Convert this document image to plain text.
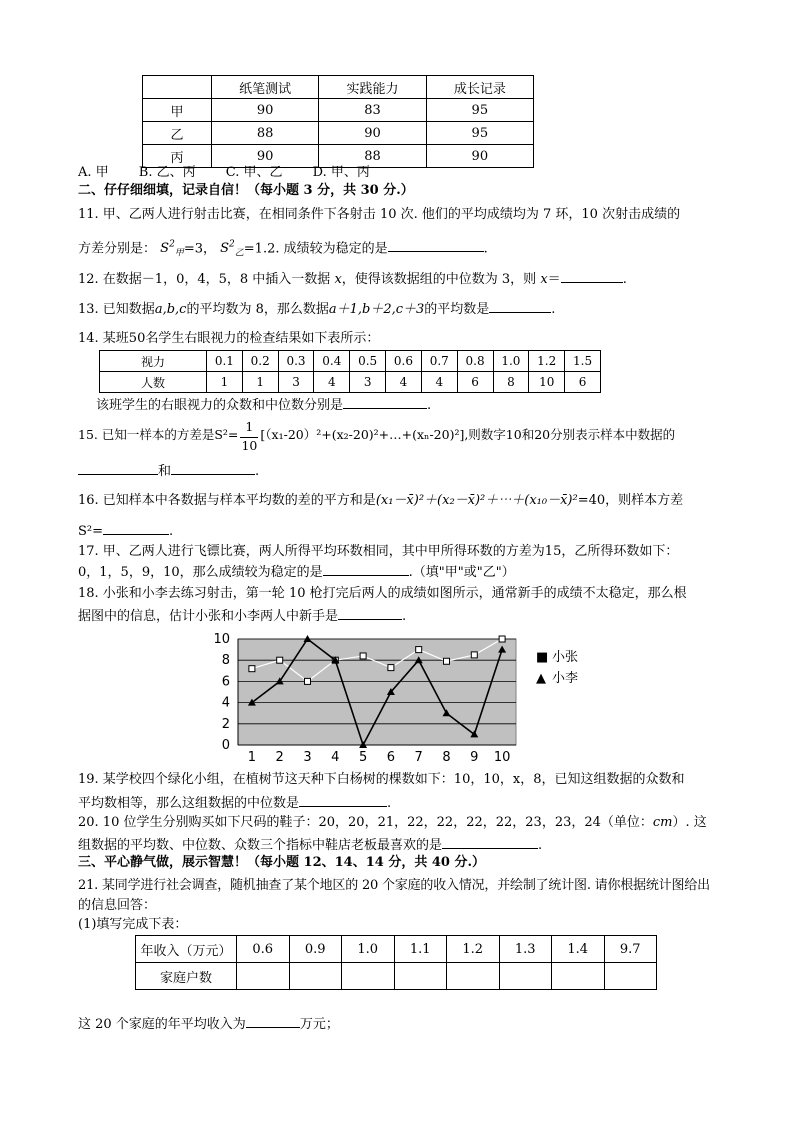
	纸笔测试	实践能力	成长记录
甲	90	83	95
乙	88	90	95
丙	90	88	90
A. 甲 B. 乙、丙 C. 甲、乙 D. 甲、丙
二、仔仔细细填，记录自信！（每小题 3 分，共 30 分.）
11. 甲、乙两人进行射击比赛，在相同条件下各射击 10 次. 他们的平均成绩均为 7 环，10 次射击成绩的
方差分别是： $S^2_甲=3$， $S^2_乙=1.2$. 成绩较为稳定的是	.
12. 在数据－1，0，4，5，8 中插入一数据 x，使得该数据组的中位数为 3，则 x＝	.
13. 已知数据a,b,c的平均数为 8，那么数据a＋1,b＋2,c＋3的平均数是	.
14. 某班50名学生右眼视力的检查结果如下表所示：
视力	0.1	0.2	0.3	0.4	0.5	0.6	0.7	0.8	1.0	1.2	1.5
人数	1	1	3	4	3	4	4	6	8	10	6
该班学生的右眼视力的众数和中位数分别是	.
15. 已知一样本的方差是$S^2= \frac{1}{10}$ [（x₁-20）²+(x₂-20)²+…+(xₙ-20)²],则数字10和20分别表示样本中数据的
和	.
16. 已知样本中各数据与样本平均数的差的平方和是(x₁－x̄)²＋(x₂－x̄)²＋⋯＋(x₁₀－x̄)²=40，则样本方差
S²=	.
17. 甲、乙两人进行飞镖比赛，两人所得平均环数相同，其中甲所得环数的方差为15，乙所得环数如下：
0，1，5，9，10，那么成绩较为稳定的是	.（填"甲"或"乙"）
18. 小张和小李去练习射击，第一轮 10 枪打完后两人的成绩如图所示，通常新手的成绩不太稳定，那么根
据图中的信息，估计小张和小李两人中新手是	.
0
2
4
6
8
10
1 2 3 4 5 6 7 8 9 10
■ 小张
▲ 小李
19. 某学校四个绿化小组，在植树节这天种下白杨树的棵数如下：10，10，x，8，已知这组数据的众数和
平均数相等，那么这组数据的中位数是	.
20. 10 位学生分别购买如下尺码的鞋子：20，20，21，22，22，22，22，23，23，24（单位：cm）. 这
组数据的平均数、中位数、众数三个指标中鞋店老板最喜欢的是	.
三、平心静气做，展示智慧！（每小题 12、14、14 分，共 40 分.）
21. 某同学进行社会调查，随机抽查了某个地区的 20 个家庭的收入情况，并绘制了统计图. 请你根据统计图给出
的信息回答：
(1)填写完成下表：
年收入（万元）	0.6	0.9	1.0	1.1	1.2	1.3	1.4	9.7
家庭户数								
这 20 个家庭的年平均收入为	万元；
